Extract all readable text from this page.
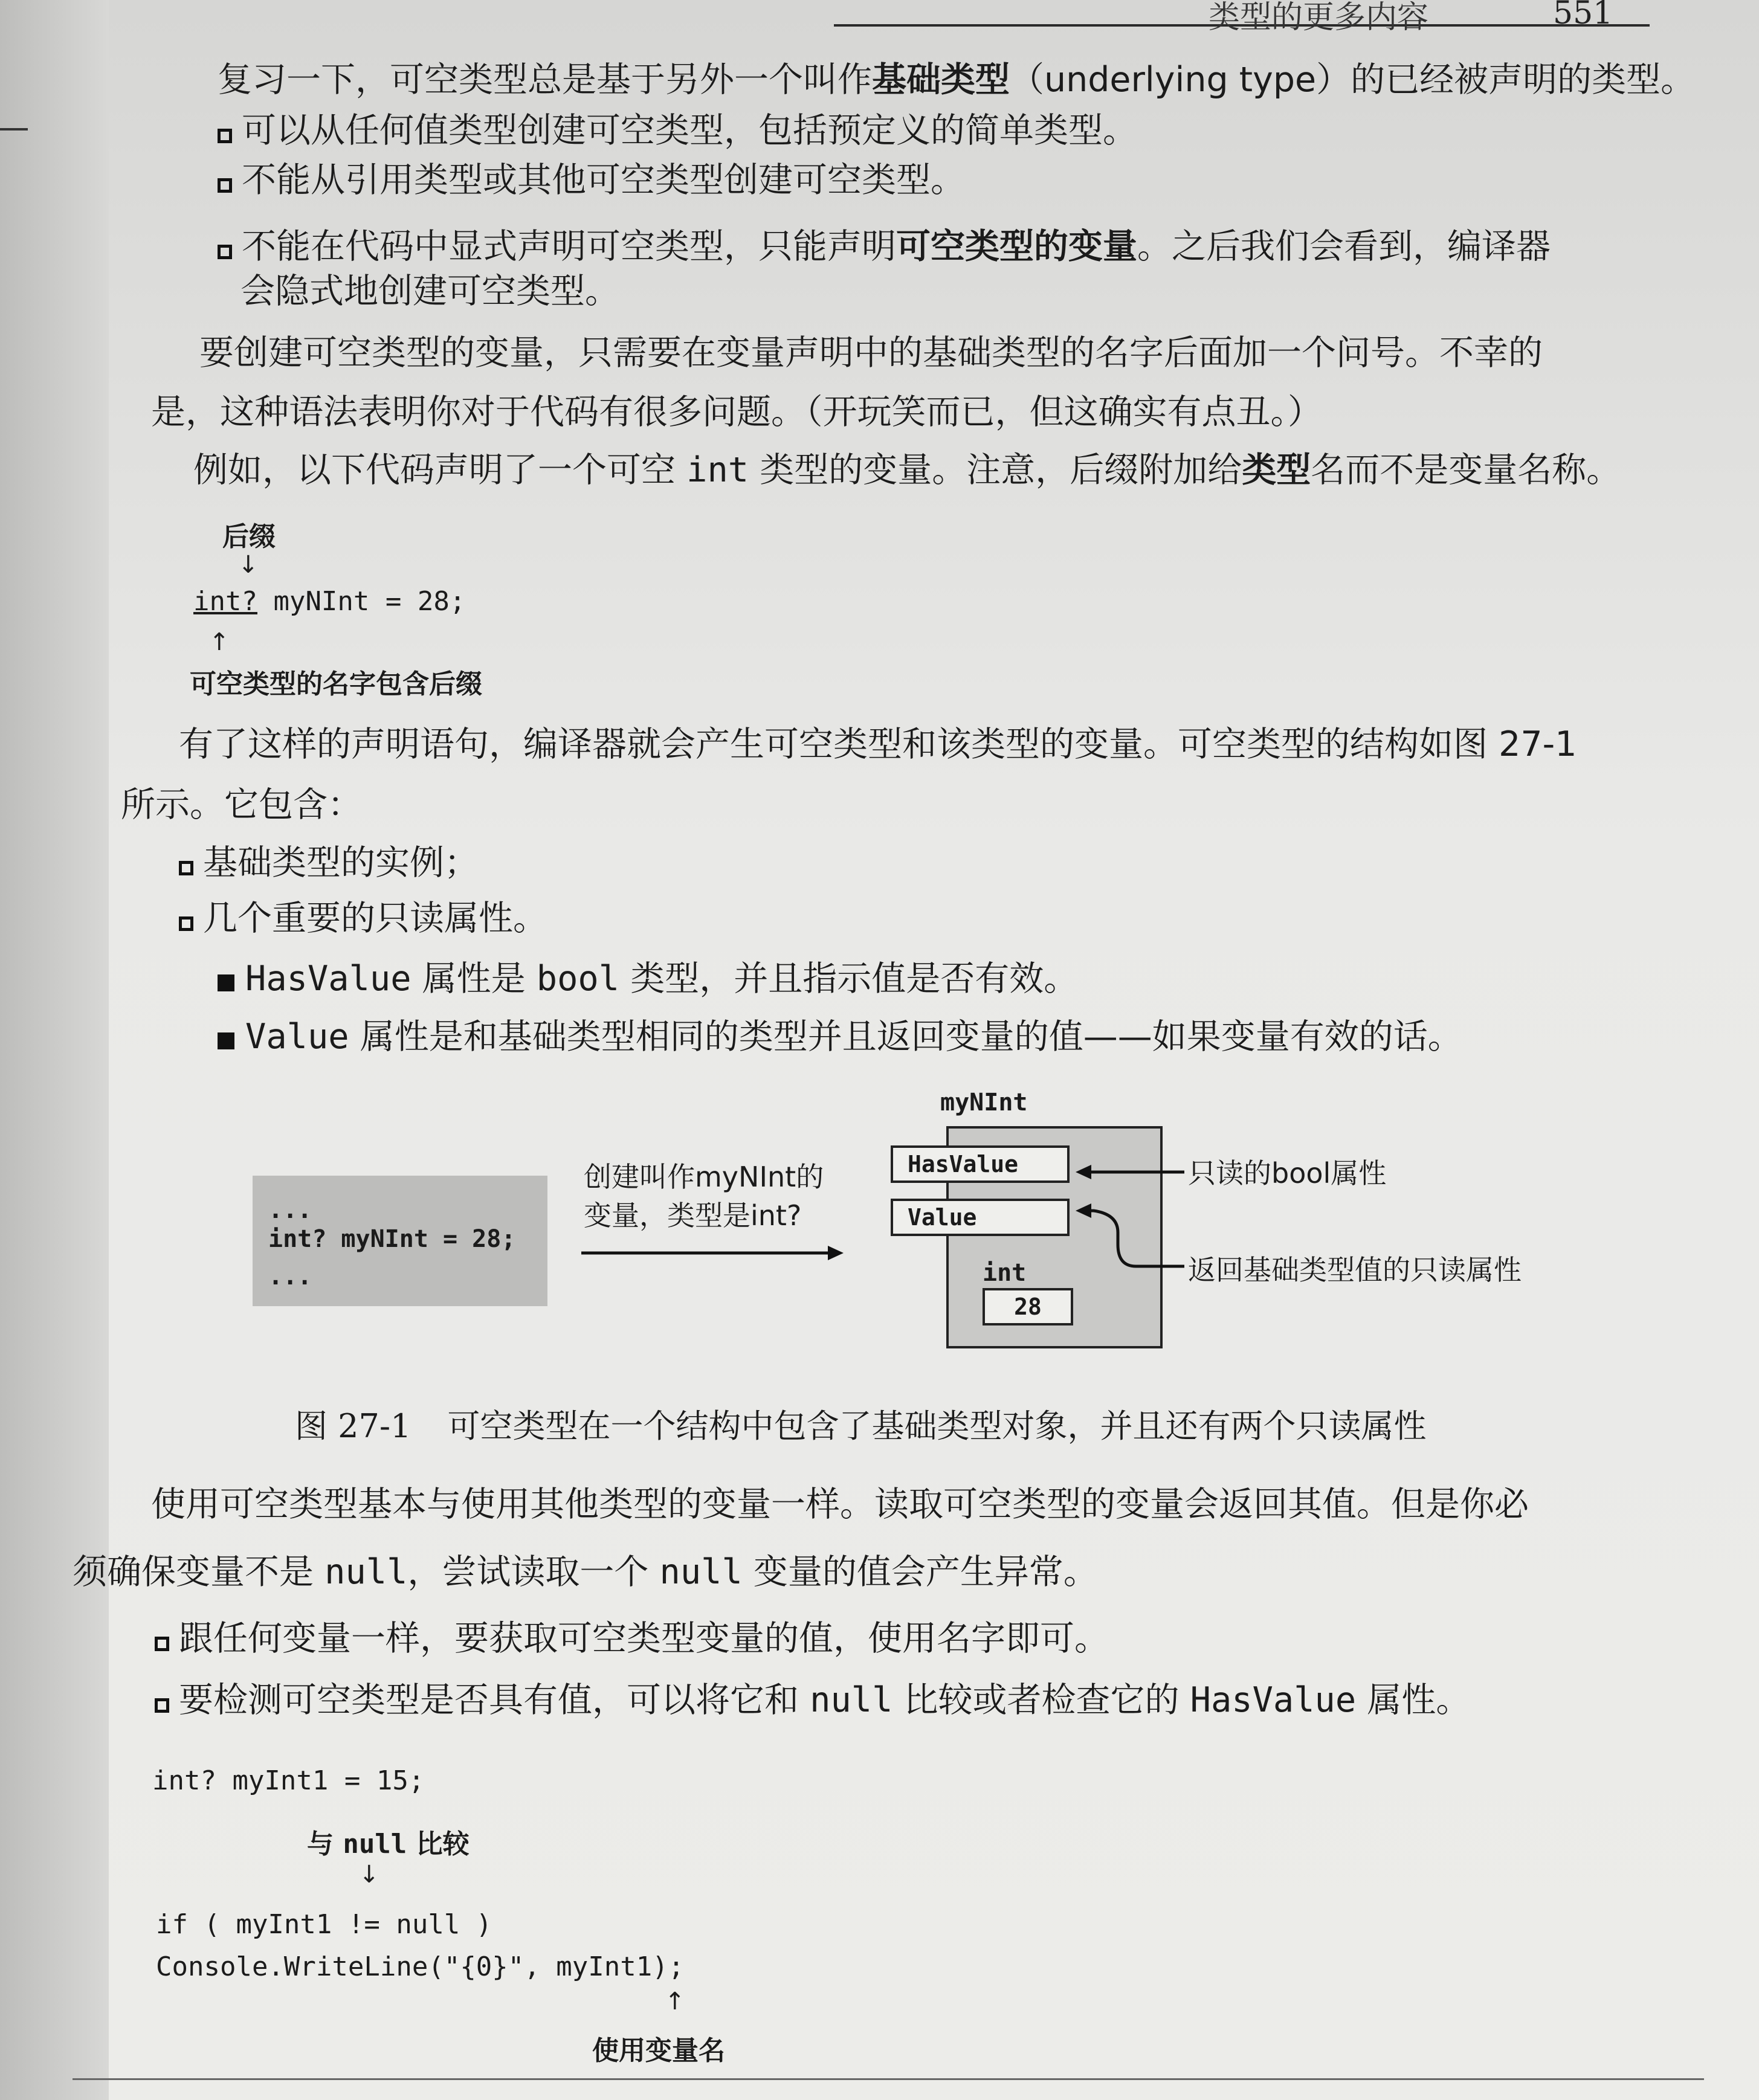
类型的更多内容	551
复习一下，可空类型总是基于另外一个叫作基础类型（underlying type）的已经被声明的类型。
可以从任何值类型创建可空类型，包括预定义的简单类型。
不能从引用类型或其他可空类型创建可空类型。
不能在代码中显式声明可空类型，只能声明可空类型的变量。之后我们会看到，编译器
会隐式地创建可空类型。
要创建可空类型的变量，只需要在变量声明中的基础类型的名字后面加一个问号。不幸的
是，这种语法表明你对于代码有很多问题。（开玩笑而已，但这确实有点丑。）
例如，以下代码声明了一个可空 int 类型的变量。注意，后缀附加给类型名而不是变量名称。
后缀
↓
int? myNInt = 28;
↑
可空类型的名字包含后缀
有了这样的声明语句，编译器就会产生可空类型和该类型的变量。可空类型的结构如图 27-1
所示。它包含：
基础类型的实例；
几个重要的只读属性。
HasValue 属性是 bool 类型，并且指示值是否有效。
Value 属性是和基础类型相同的类型并且返回变量的值——如果变量有效的话。
...
int? myNInt = 28;
...
创建叫作myNInt的
变量，类型是int?
myNInt
HasValue
Value
int
28
只读的bool属性
返回基础类型值的只读属性
图 27-1 可空类型在一个结构中包含了基础类型对象，并且还有两个只读属性
使用可空类型基本与使用其他类型的变量一样。读取可空类型的变量会返回其值。但是你必
须确保变量不是 null，尝试读取一个 null 变量的值会产生异常。
跟任何变量一样，要获取可空类型变量的值，使用名字即可。
要检测可空类型是否具有值，可以将它和 null 比较或者检查它的 HasValue 属性。
int? myInt1 = 15;
与 null 比较
↓
if ( myInt1 != null )
Console.WriteLine("{0}", myInt1);
↑
使用变量名
